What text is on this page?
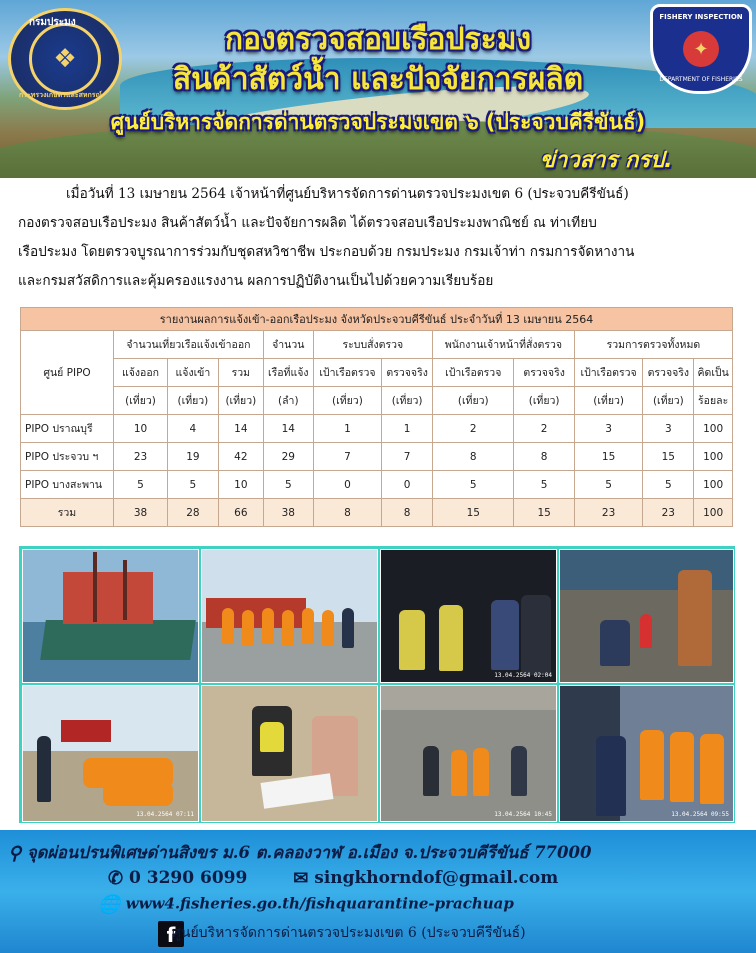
กรมประมง
❖
กระทรวงเกษตรและสหกรณ์
FISHERY INSPECTION
✦
DEPARTMENT OF FISHERIES
กองตรวจสอบเรือประมง
สินค้าสัตว์น้ำ และปัจจัยการผลิต
ศูนย์บริหารจัดการด่านตรวจประมงเขต ๖ (ประจวบคีรีขันธ์)
ข่าวสาร กรป.

เมื่อวันที่ 13 เมษายน 2564 เจ้าหน้าที่ศูนย์บริหารจัดการด่านตรวจประมงเขต 6 (ประจวบคีรีขันธ์)

กองตรวจสอบเรือประมง สินค้าสัตว์น้ำ และปัจจัยการผลิต ได้ตรวจสอบเรือประมงพาณิชย์ ณ ท่าเทียบ

เรือประมง โดยตรวจบูรณาการร่วมกับชุดสหวิชาชีพ ประกอบด้วย กรมประมง กรมเจ้าท่า กรมการจัดหางาน

และกรมสวัสดิการและคุ้มครองแรงงาน ผลการปฏิบัติงานเป็นไปด้วยความเรียบร้อย

รายงานผลการแจ้งเข้า-ออกเรือประมง จังหวัดประจวบคีรีขันธ์ ประจำวันที่ 13 เมษายน 2564											
ศูนย์ PIPO	จำนวนเที่ยวเรือแจ้งเข้าออก			จำนวน	ระบบสั่งตรวจ		พนักงานเจ้าหน้าที่สั่งตรวจ		รวมการตรวจทั้งหมด		
	แจ้งออก	แจ้งเข้า	รวม	เรือที่แจ้ง	เป้าเรือตรวจ	ตรวจจริง	เป้าเรือตรวจ	ตรวจจริง	เป้าเรือตรวจ	ตรวจจริง	คิดเป็น
	(เที่ยว)	(เที่ยว)	(เที่ยว)	(ลำ)	(เที่ยว)	(เที่ยว)	(เที่ยว)	(เที่ยว)	(เที่ยว)	(เที่ยว)	ร้อยละ
PIPO ปราณบุรี	10	4	14	14	1	1	2	2	3	3	100
PIPO ประจวบ ฯ	23	19	42	29	7	7	8	8	15	15	100
PIPO บางสะพาน	5	5	10	5	0	0	5	5	5	5	100
รวม	38	28	66	38	8	8	15	15	23	23	100
13.04.2564 02:04
13.04.2564 07:11	13.04.2564 10:45	13.04.2564 09:55
⚲ จุดผ่อนปรนพิเศษด่านสิงขร ม.6 ต.คลองวาฬ อ.เมือง จ.ประจวบคีรีขันธ์ 77000
✆ 0 3290 6099	✉ singkhorndof@gmail.com
🌐 www4.fisheries.go.th/fishquarantine-prachuap
f
ศูนย์บริหารจัดการด่านตรวจประมงเขต 6 (ประจวบคีรีขันธ์)
